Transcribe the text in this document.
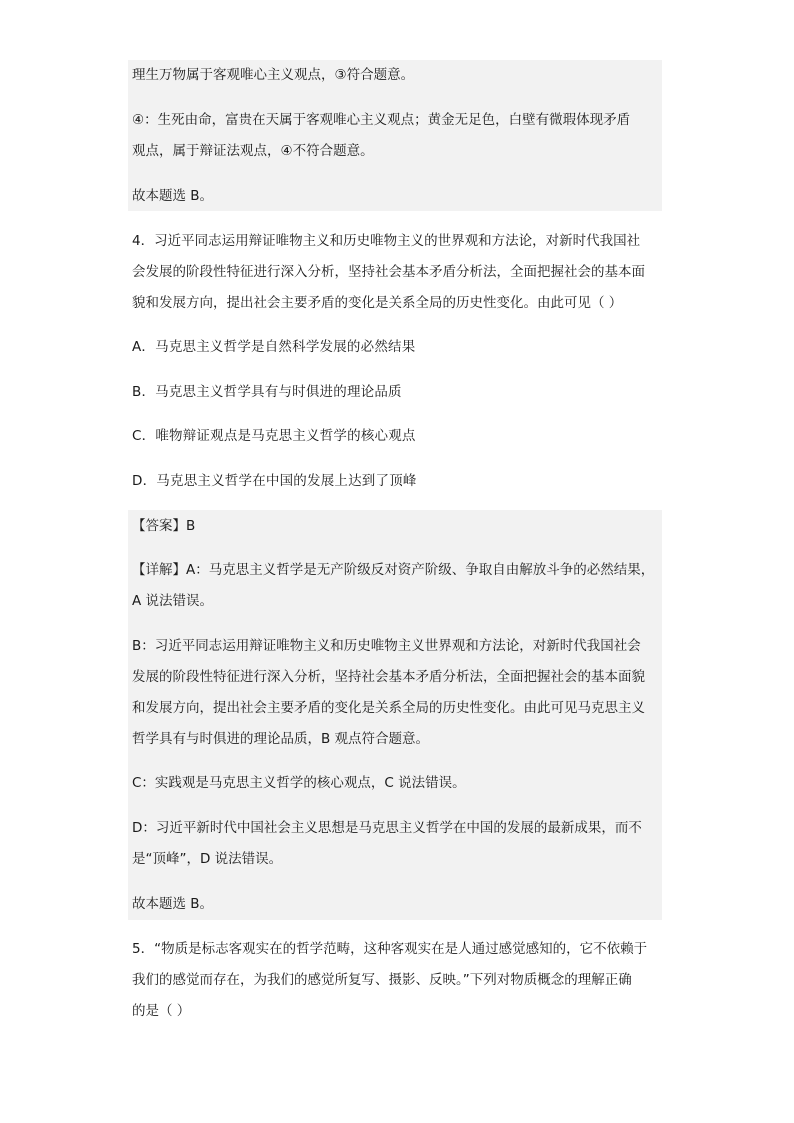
理生万物属于客观唯心主义观点，③符合题意。
④：生死由命，富贵在天属于客观唯心主义观点；黄金无足色，白壁有微瑕体现矛盾
观点，属于辩证法观点，④不符合题意。
故本题选 B。
4．习近平同志运用辩证唯物主义和历史唯物主义的世界观和方法论，对新时代我国社
会发展的阶段性特征进行深入分析，坚持社会基本矛盾分析法，全面把握社会的基本面
貌和发展方向，提出社会主要矛盾的变化是关系全局的历史性变化。由此可见（ ）
A．马克思主义哲学是自然科学发展的必然结果
B．马克思主义哲学具有与时俱进的理论品质
C．唯物辩证观点是马克思主义哲学的核心观点
D．马克思主义哲学在中国的发展上达到了顶峰
【答案】B
【详解】A：马克思主义哲学是无产阶级反对资产阶级、争取自由解放斗争的必然结果，
A 说法错误。
B：习近平同志运用辩证唯物主义和历史唯物主义世界观和方法论，对新时代我国社会
发展的阶段性特征进行深入分析，坚持社会基本矛盾分析法，全面把握社会的基本面貌
和发展方向，提出社会主要矛盾的变化是关系全局的历史性变化。由此可见马克思主义
哲学具有与时俱进的理论品质，B 观点符合题意。
C：实践观是马克思主义哲学的核心观点，C 说法错误。
D：习近平新时代中国社会主义思想是马克思主义哲学在中国的发展的最新成果，而不
是“顶峰”，D 说法错误。
故本题选 B。
5．“物质是标志客观实在的哲学范畴，这种客观实在是人通过感觉感知的，它不依赖于
我们的感觉而存在，为我们的感觉所复写、摄影、反映。”下列对物质概念的理解正确
的是（ ）
